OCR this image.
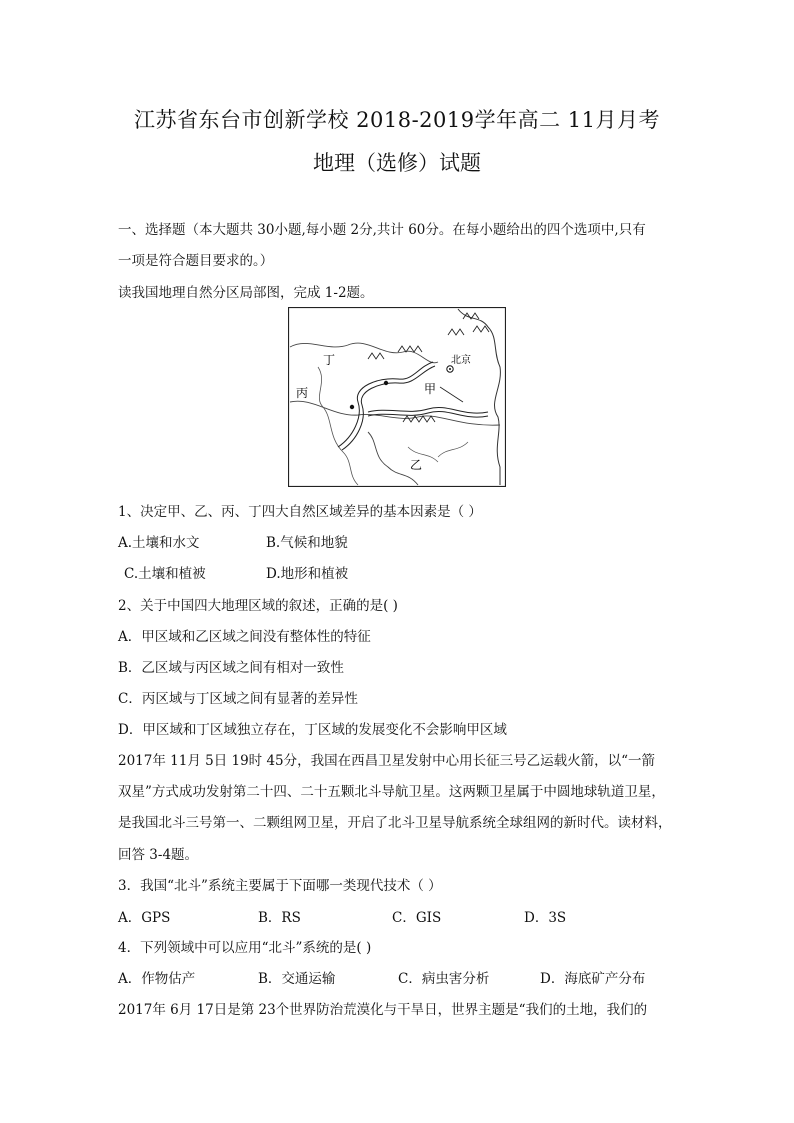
江苏省东台市创新学校 2018-2019学年高二 11月月考
地理（选修）试题
一、选择题（本大题共 30小题,每小题 2分,共计 60分。在每小题给出的四个选项中,只有
一项是符合题目要求的。）
读我国地理自然分区局部图，完成 1-2题。
丁
丙	甲
乙
北京
1、决定甲、乙、丙、丁四大自然区域差异的基本因素是（ ）
A.土壤和水文	B.气候和地貌
C.土壤和植被	D.地形和植被
2、关于中国四大地理区域的叙述，正确的是( )
A．甲区域和乙区域之间没有整体性的特征
B．乙区域与丙区域之间有相对一致性
C．丙区域与丁区域之间有显著的差异性
D．甲区域和丁区域独立存在，丁区域的发展变化不会影响甲区域
2017年 11月 5日 19时 45分，我国在西昌卫星发射中心用长征三号乙运载火箭，以“一箭
双星”方式成功发射第二十四、二十五颗北斗导航卫星。这两颗卫星属于中圆地球轨道卫星，
是我国北斗三号第一、二颗组网卫星，开启了北斗卫星导航系统全球组网的新时代。读材料，
回答 3-4题。
3．我国“北斗”系统主要属于下面哪一类现代技术（ ）
A．GPS	B．RS	C．GIS	D．3S
4．下列领域中可以应用“北斗”系统的是( )
A．作物估产	B．交通运输	C．病虫害分析	D．海底矿产分布
2017年 6月 17日是第 23个世界防治荒漠化与干旱日，世界主题是“我们的土地，我们的
